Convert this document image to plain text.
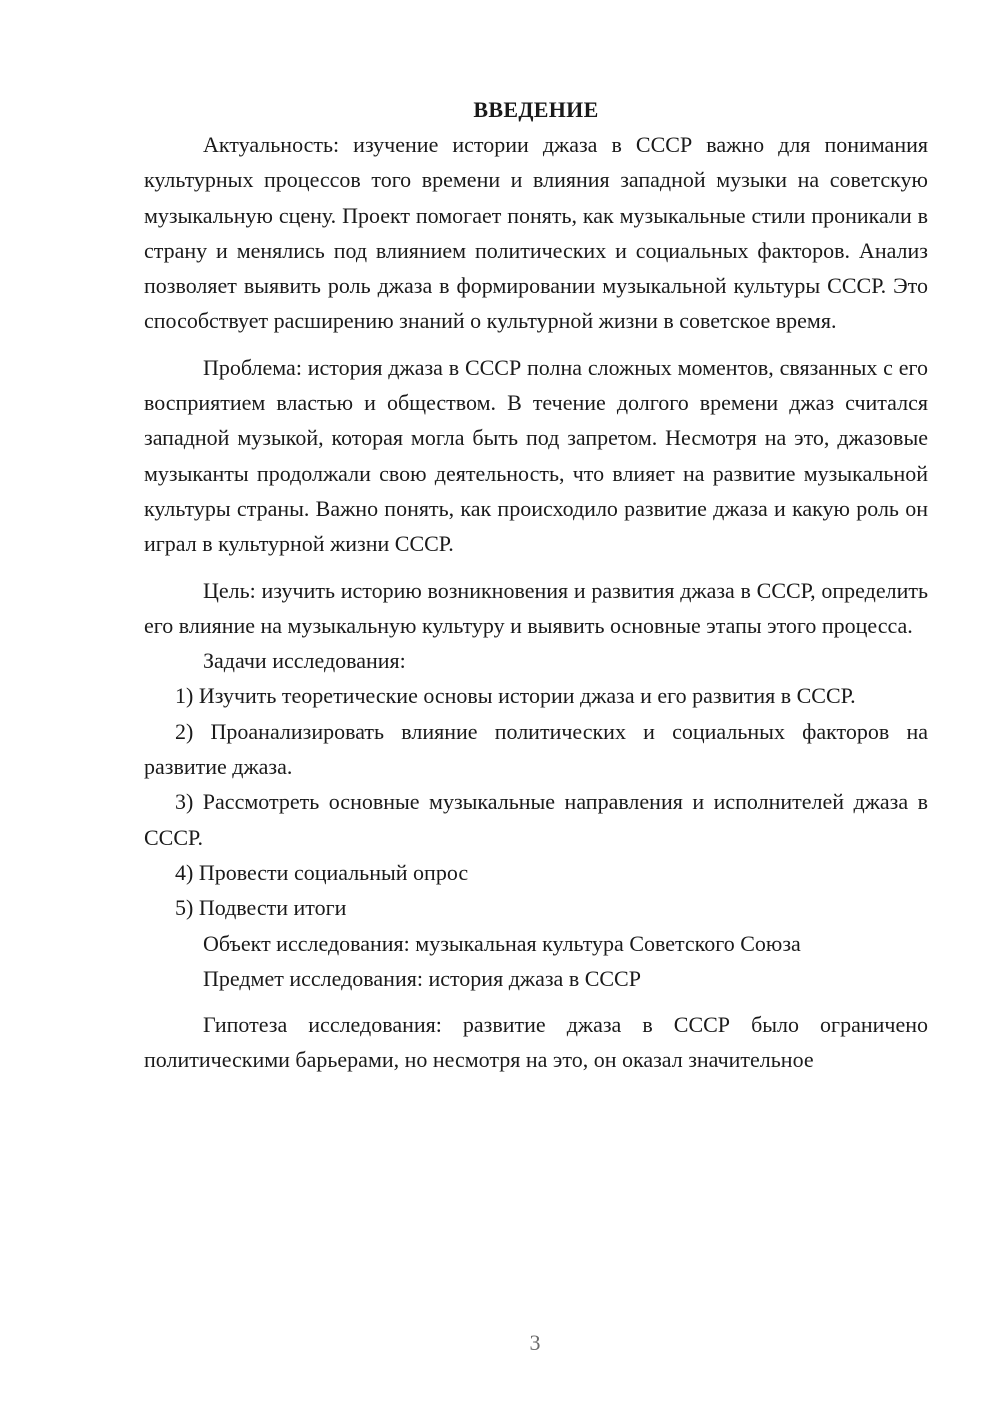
ВВЕДЕНИЕ

Актуальность: изучение истории джаза в СССР важно для понимания культурных процессов того времени и влияния западной музыки на советскую музыкальную сцену. Проект помогает понять, как музыкальные стили проникали в страну и менялись под влиянием политических и социальных факторов. Анализ позволяет выявить роль джаза в формировании музыкальной культуры СССР. Это способствует расширению знаний о культурной жизни в советское время.

Проблема: история джаза в СССР полна сложных моментов, связанных с его восприятием властью и обществом. В течение долгого времени джаз считался западной музыкой, которая могла быть под запретом. Несмотря на это, джазовые музыканты продолжали свою деятельность, что влияет на развитие музыкальной культуры страны. Важно понять, как происходило развитие джаза и какую роль он играл в культурной жизни СССР.

Цель: изучить историю возникновения и развития джаза в СССР, определить его влияние на музыкальную культуру и выявить основные этапы этого процесса.

Задачи исследования:

1) Изучить теоретические основы истории джаза и его развития в СССР.

2) Проанализировать влияние политических и социальных факторов на развитие джаза.

3) Рассмотреть основные музыкальные направления и исполнителей джаза в СССР.

4) Провести социальный опрос

5) Подвести итоги

Объект исследования: музыкальная культура Советского Союза

Предмет исследования: история джаза в СССР

Гипотеза исследования: развитие джаза в СССР было ограничено политическими барьерами, но несмотря на это, он оказал значительное

3
